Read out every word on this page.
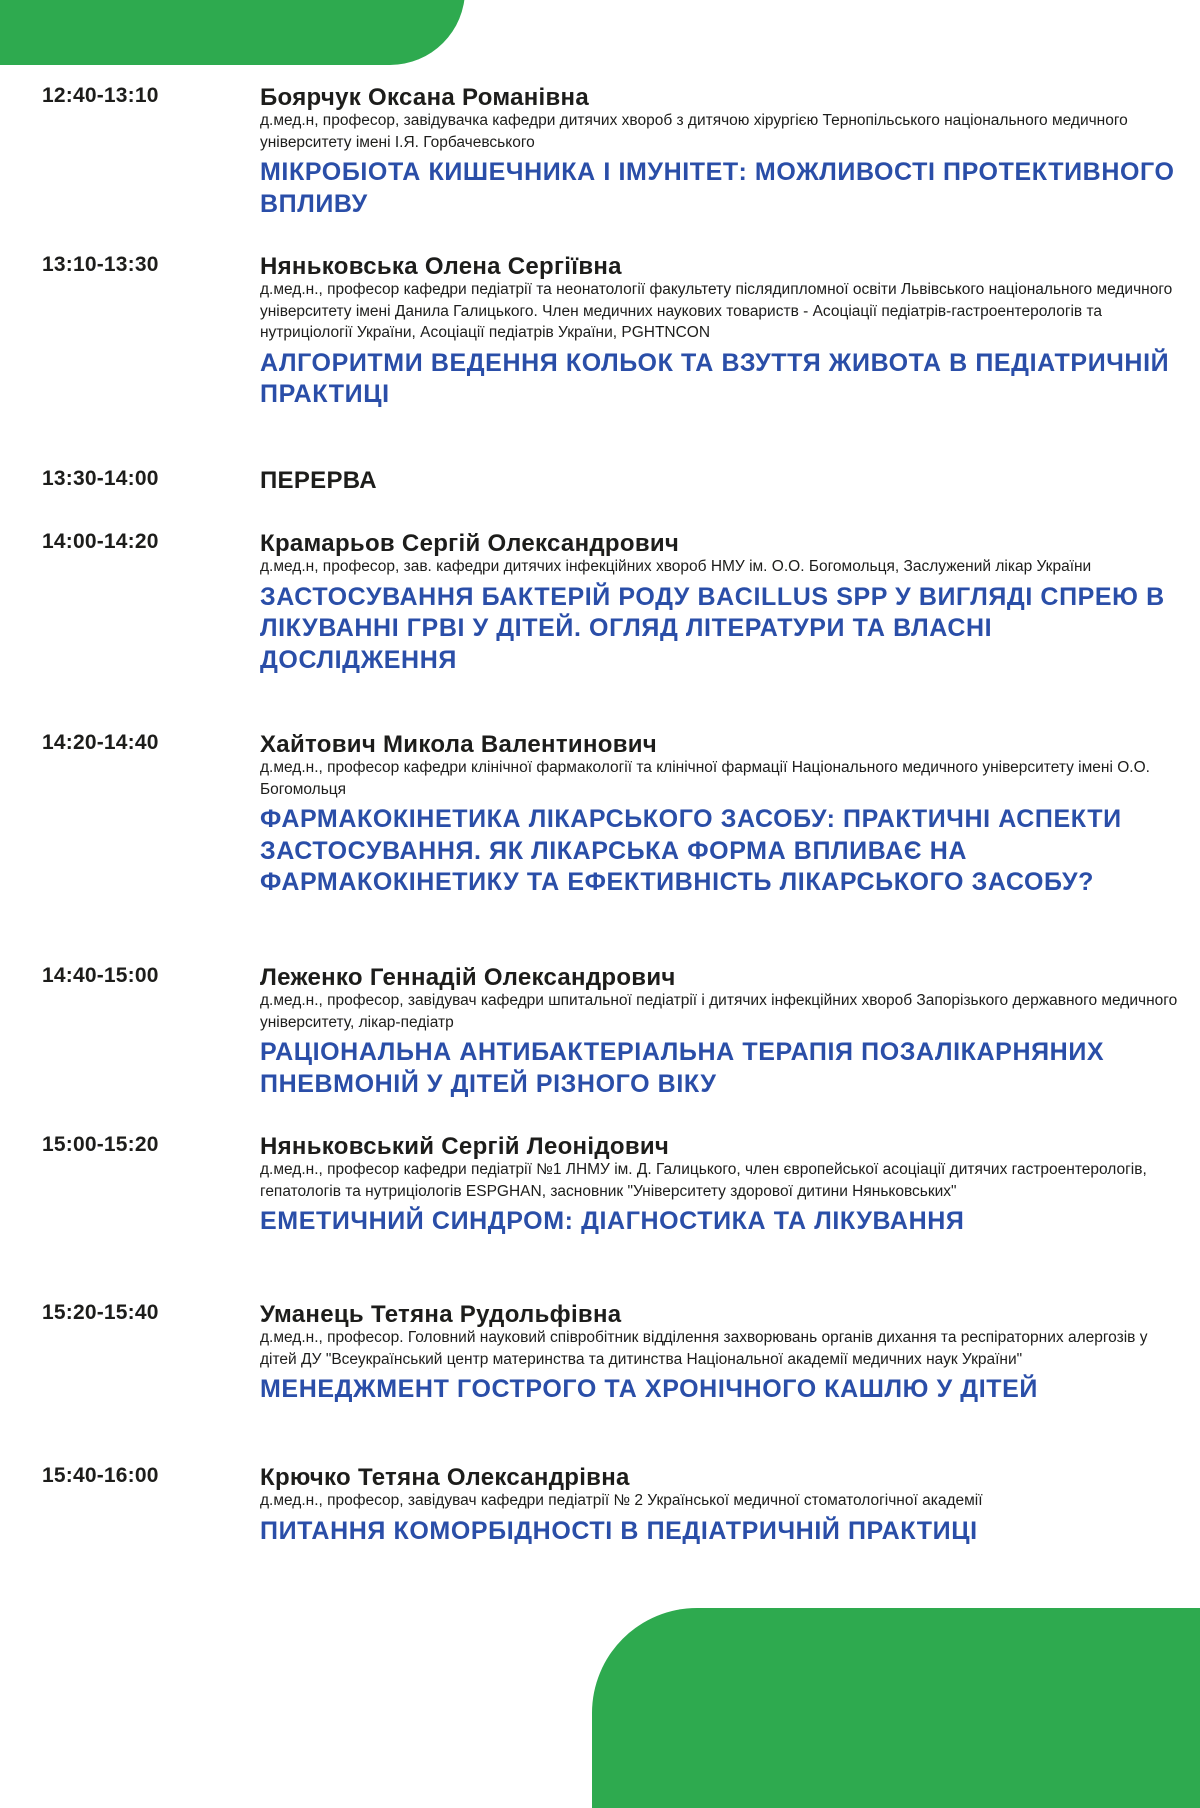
12:40-13:10	Боярчук Оксана Романівна
д.мед.н, професор, завідувачка кафедри дитячих хвороб з дитячою хірургією Тернопільського національного медичного університету імені І.Я. Горбачевського
МІКРОБІОТА КИШЕЧНИКА І ІМУНІТЕТ: МОЖЛИВОСТІ ПРОТЕКТИВНОГО ВПЛИВУ
13:10-13:30	Няньковська Олена Сергіївна
д.мед.н., професор кафедри педіатрії та неонатології факультету післядипломної освіти Львівського національного медичного університету імені Данила Галицького. Член медичних наукових товариств - Асоціації педіатрів-гастроентерологів та нутриціології України, Асоціації педіатрів України, PGHTNCON
АЛГОРИТМИ ВЕДЕННЯ КОЛЬОК ТА ВЗУТТЯ ЖИВОТА В ПЕДІАТРИЧНІЙ ПРАКТИЦІ
13:30-14:00	ПЕРЕРВА
14:00-14:20	Крамарьов Сергій Олександрович
д.мед.н, професор, зав. кафедри дитячих інфекційних хвороб НМУ ім. О.О. Богомольця, Заслужений лікар України
ЗАСТОСУВАННЯ БАКТЕРІЙ РОДУ BACILLUS SPP У ВИГЛЯДІ СПРЕЮ В ЛІКУВАННІ ГРВІ У ДІТЕЙ. ОГЛЯД ЛІТЕРАТУРИ ТА ВЛАСНІ ДОСЛІДЖЕННЯ
14:20-14:40	Хайтович Микола Валентинович
д.мед.н., професор кафедри клінічної фармакології та клінічної фармації Національного медичного університету імені О.О. Богомольця
ФАРМАКОКІНЕТИКА ЛІКАРСЬКОГО ЗАСОБУ: ПРАКТИЧНІ АСПЕКТИ ЗАСТОСУВАННЯ. ЯК ЛІКАРСЬКА ФОРМА ВПЛИВАЄ НА ФАРМАКОКІНЕТИКУ ТА ЕФЕКТИВНІСТЬ ЛІКАРСЬКОГО ЗАСОБУ?
14:40-15:00	Леженко Геннадій Олександрович
д.мед.н., професор, завідувач кафедри шпитальної педіатрії і дитячих інфекційних хвороб Запорізького державного медичного університету, лікар-педіатр
РАЦІОНАЛЬНА АНТИБАКТЕРІАЛЬНА ТЕРАПІЯ ПОЗАЛІКАРНЯНИХ ПНЕВМОНІЙ У ДІТЕЙ РІЗНОГО ВІКУ
15:00-15:20	Няньковський Сергій Леонідович
д.мед.н., професор кафедри педіатрії №1 ЛНМУ ім. Д. Галицького, член європейської асоціації дитячих гастроентерологів, гепатологів та нутриціологів ESPGHAN, засновник "Університету здорової дитини Няньковських"
ЕМЕТИЧНИЙ СИНДРОМ: ДІАГНОСТИКА ТА ЛІКУВАННЯ
15:20-15:40	Уманець Тетяна Рудольфівна
д.мед.н., професор. Головний науковий співробітник відділення захворювань органів дихання та респіраторних алергозів у дітей ДУ "Всеукраїнський центр материнства та дитинства Національної академії медичних наук України"
МЕНЕДЖМЕНТ ГОСТРОГО ТА ХРОНІЧНОГО КАШЛЮ У ДІТЕЙ
15:40-16:00	Крючко Тетяна Олександрівна
д.мед.н., професор, завідувач кафедри педіатрії № 2 Української медичної стоматологічної академії
ПИТАННЯ КОМОРБІДНОСТІ В ПЕДІАТРИЧНІЙ ПРАКТИЦІ
